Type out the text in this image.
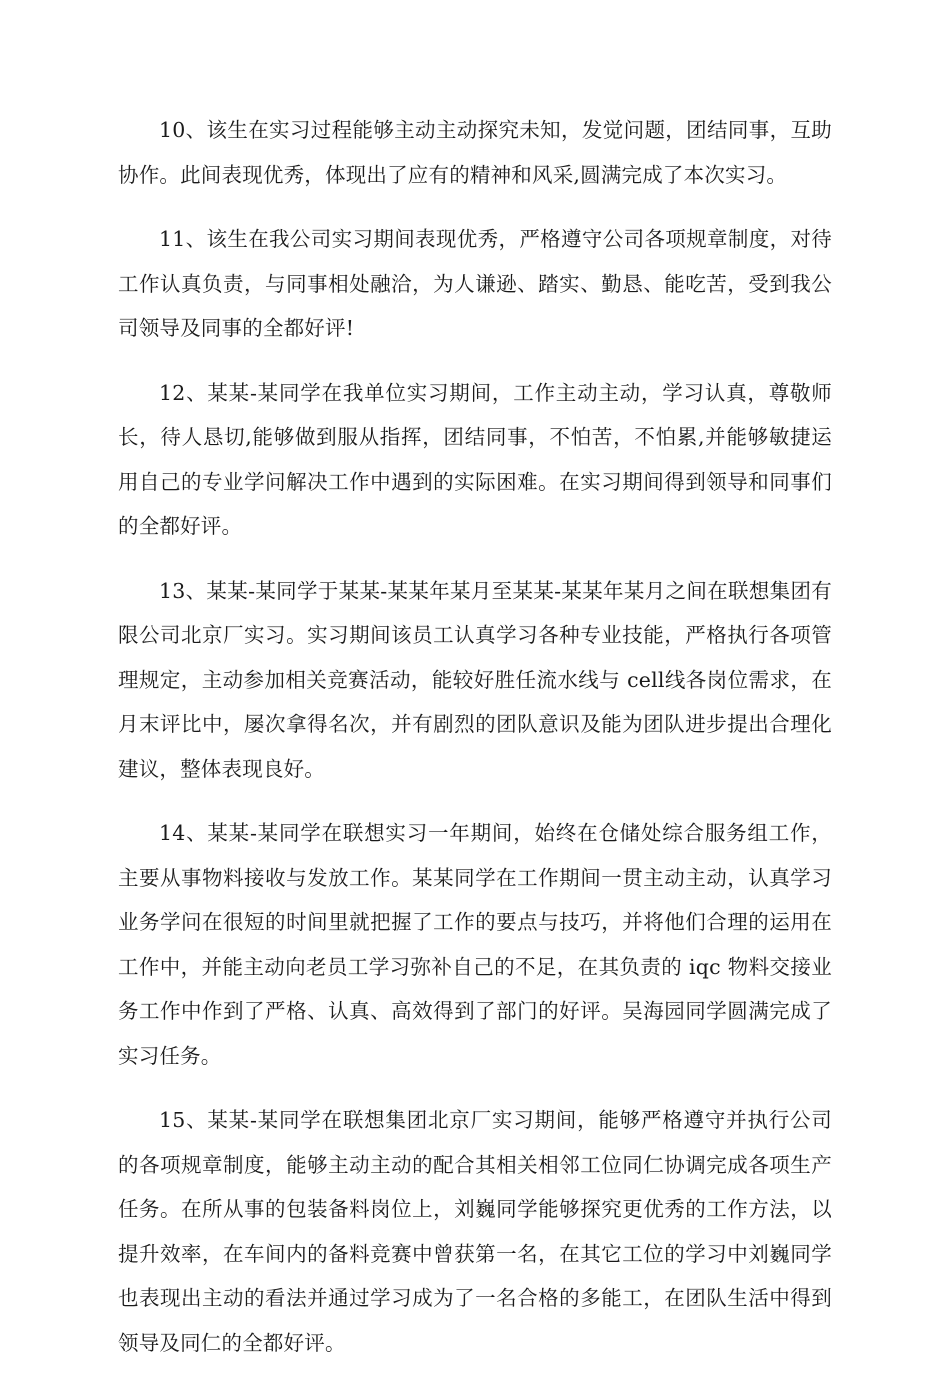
10、该生在实习过程能够主动主动探究未知，发觉问题，团结同事，互助协作。此间表现优秀，体现出了应有的精神和风采,圆满完成了本次实习。

11、该生在我公司实习期间表现优秀，严格遵守公司各项规章制度，对待工作认真负责，与同事相处融洽，为人谦逊、踏实、勤恳、能吃苦，受到我公司领导及同事的全都好评!

12、某某-某同学在我单位实习期间，工作主动主动，学习认真，尊敬师长，待人恳切,能够做到服从指挥，团结同事，不怕苦，不怕累,并能够敏捷运用自己的专业学问解决工作中遇到的实际困难。在实习期间得到领导和同事们的全都好评。

13、某某-某同学于某某-某某年某月至某某-某某年某月之间在联想集团有限公司北京厂实习。实习期间该员工认真学习各种专业技能，严格执行各项管理规定，主动参加相关竞赛活动，能较好胜任流水线与 cell线各岗位需求，在月末评比中，屡次拿得名次，并有剧烈的团队意识及能为团队进步提出合理化建议，整体表现良好。

14、某某-某同学在联想实习一年期间，始终在仓储处综合服务组工作，主要从事物料接收与发放工作。某某同学在工作期间一贯主动主动，认真学习业务学问在很短的时间里就把握了工作的要点与技巧，并将他们合理的运用在工作中，并能主动向老员工学习弥补自己的不足，在其负责的 iqc 物料交接业务工作中作到了严格、认真、高效得到了部门的好评。吴海园同学圆满完成了实习任务。

15、某某-某同学在联想集团北京厂实习期间，能够严格遵守并执行公司的各项规章制度，能够主动主动的配合其相关相邻工位同仁协调完成各项生产任务。在所从事的包装备料岗位上，刘巍同学能够探究更优秀的工作方法，以提升效率，在车间内的备料竞赛中曾获第一名，在其它工位的学习中刘巍同学也表现出主动的看法并通过学习成为了一名合格的多能工，在团队生活中得到领导及同仁的全都好评。
